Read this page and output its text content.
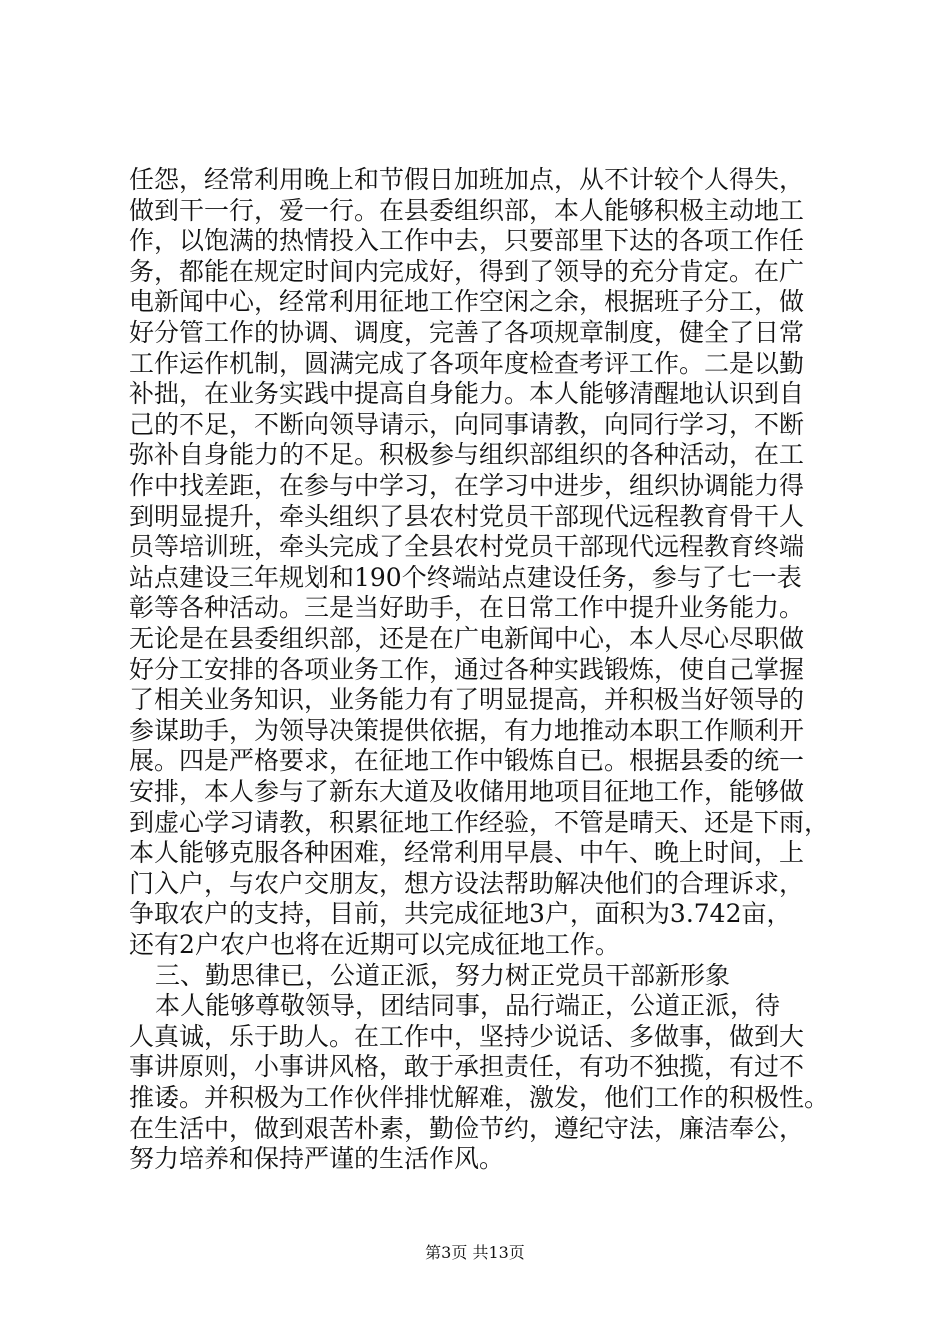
任怨，经常利用晚上和节假日加班加点，从不计较个人得失，
做到干一行，爱一行。在县委组织部，本人能够积极主动地工
作，以饱满的热情投入工作中去，只要部里下达的各项工作任
务，都能在规定时间内完成好，得到了领导的充分肯定。在广
电新闻中心，经常利用征地工作空闲之余，根据班子分工，做
好分管工作的协调、调度，完善了各项规章制度，健全了日常
工作运作机制，圆满完成了各项年度检查考评工作。二是以勤
补拙，在业务实践中提高自身能力。本人能够清醒地认识到自
己的不足，不断向领导请示，向同事请教，向同行学习，不断
弥补自身能力的不足。积极参与组织部组织的各种活动，在工
作中找差距，在参与中学习，在学习中进步，组织协调能力得
到明显提升，牵头组织了县农村党员干部现代远程教育骨干人
员等培训班，牵头完成了全县农村党员干部现代远程教育终端
站点建设三年规划和190个终端站点建设任务，参与了七一表
彰等各种活动。三是当好助手，在日常工作中提升业务能力。
无论是在县委组织部，还是在广电新闻中心，本人尽心尽职做
好分工安排的各项业务工作，通过各种实践锻炼，使自己掌握
了相关业务知识，业务能力有了明显提高，并积极当好领导的
参谋助手，为领导决策提供依据，有力地推动本职工作顺利开
展。四是严格要求，在征地工作中锻炼自已。根据县委的统一
安排，本人参与了新东大道及收储用地项目征地工作，能够做
到虚心学习请教，积累征地工作经验，不管是晴天、还是下雨，
本人能够克服各种困难，经常利用早晨、中午、晚上时间，上
门入户，与农户交朋友，想方设法帮助解决他们的合理诉求，
争取农户的支持，目前，共完成征地3户，面积为3.742亩，
还有2户农户也将在近期可以完成征地工作。
三、勤思律已，公道正派，努力树正党员干部新形象
本人能够尊敬领导，团结同事，品行端正，公道正派，待
人真诚，乐于助人。在工作中，坚持少说话、多做事，做到大
事讲原则，小事讲风格，敢于承担责任，有功不独揽，有过不
推诿。并积极为工作伙伴排忧解难，激发，他们工作的积极性。
在生活中，做到艰苦朴素，勤俭节约，遵纪守法，廉洁奉公，
努力培养和保持严谨的生活作风。
第3页 共13页
